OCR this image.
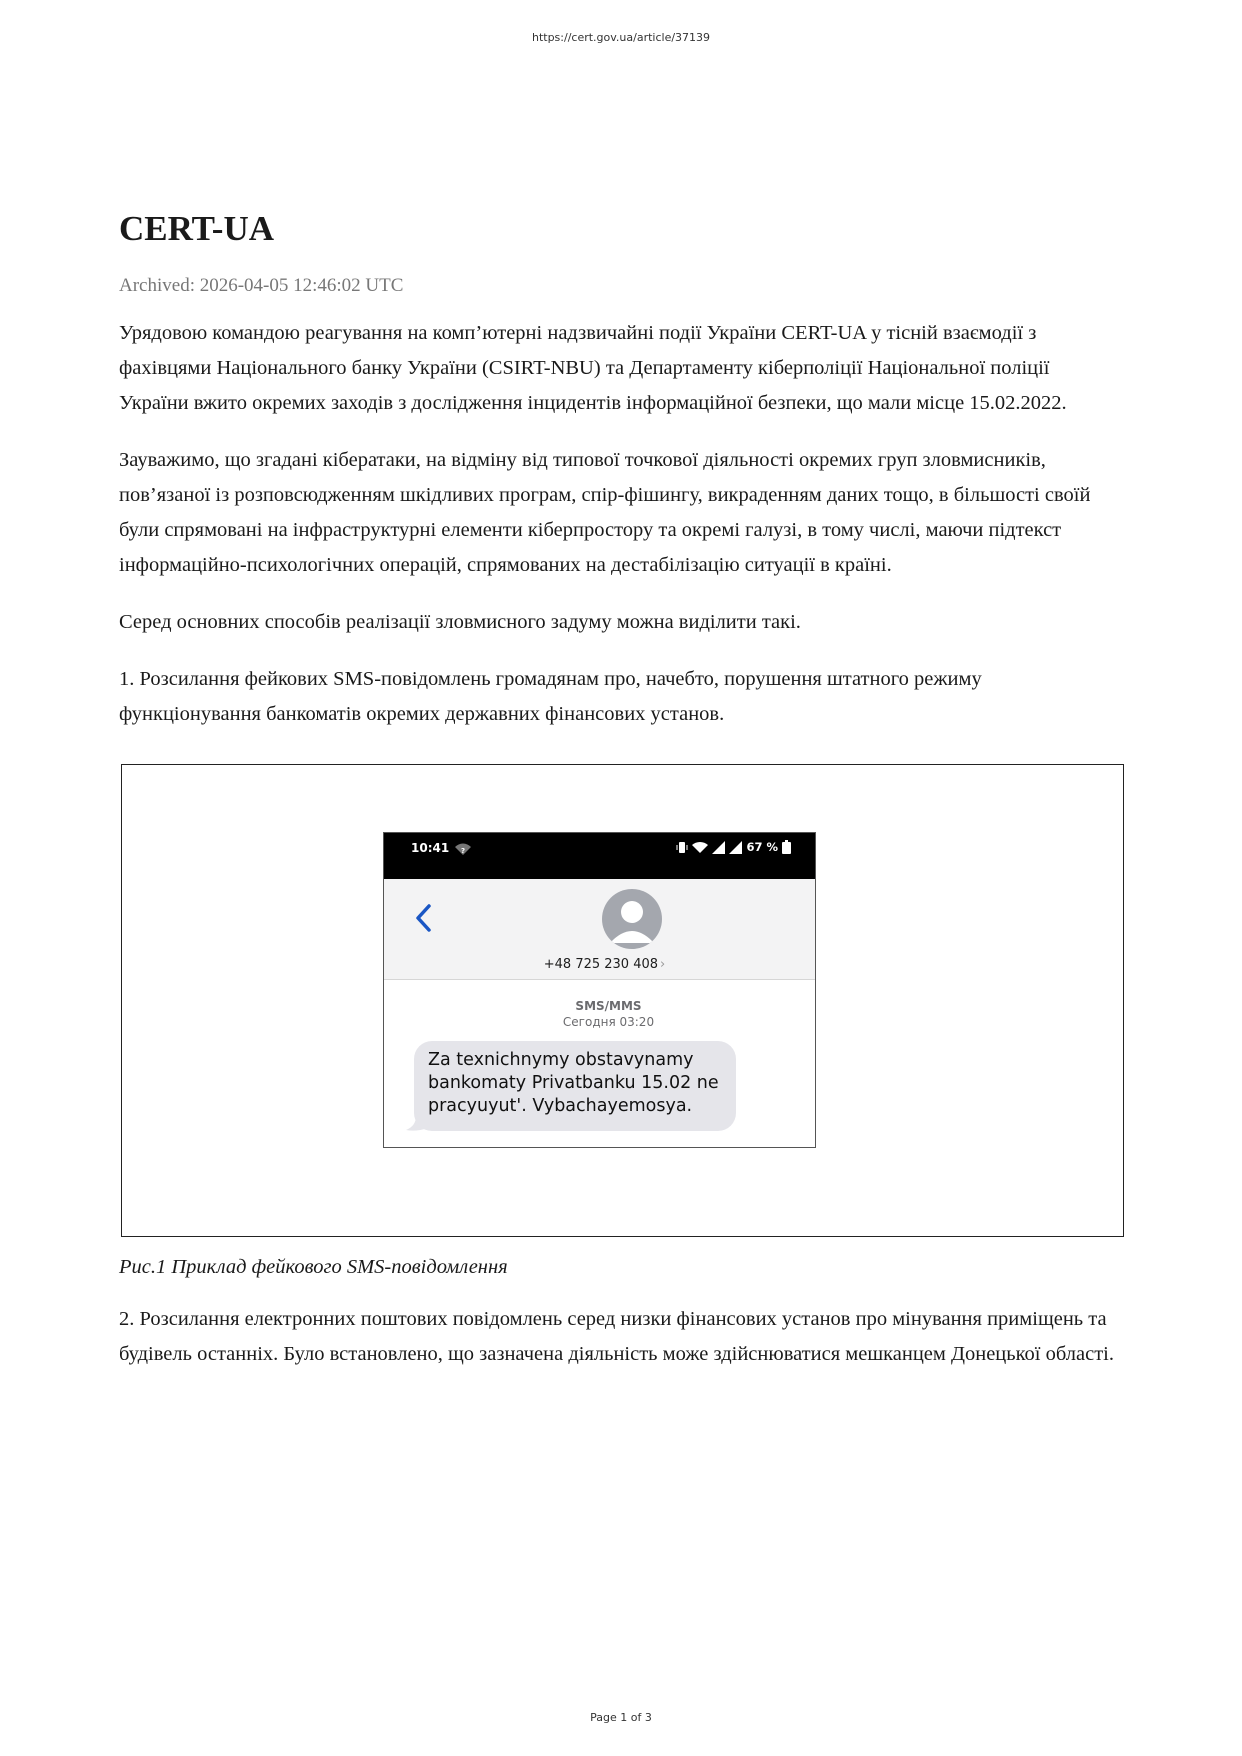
https://cert.gov.ua/article/37139
CERT-UA
Archived: 2026-04-05 12:46:02 UTC

Урядовою командою реагування на комп’ютерні надзвичайні події України CERT-UA у тісній взаємодії з фахівцями Національного банку України (CSIRT-NBU) та Департаменту кіберполіції Національної поліції України вжито окремих заходів з дослідження інцидентів інформаційної безпеки, що мали місце 15.02.2022.

Зауважимо, що згадані кібератаки, на відміну від типової точкової діяльності окремих груп зловмисників, пов’язаної із розповсюдженням шкідливих програм, спір-фішингу, викраденням даних тощо, в більшості своїй були спрямовані на інфраструктурні елементи кіберпростору та окремі галузі, в тому числі, маючи підтекст інформаційно-психологічних операцій, спрямованих на дестабілізацію ситуації в країні.

Серед основних способів реалізації зловмисного задуму можна виділити такі.

1. Розсилання фейкових SMS-повідомлень громадянам про, начебто, порушення штатного режиму функціонування банкоматів окремих державних фінансових установ.

10:41 ?	67 %
+48 725 230 408 ›
SMS/MMS
Сегодня 03:20
Za texnichnymy obstavynamy bankomaty Privatbanku 15.02 ne pracyuyut'. Vybachayemosya.
Рис.1 Приклад фейкового SMS-повідомлення

2. Розсилання електронних поштових повідомлень серед низки фінансових установ про мінування приміщень та будівель останніх. Було встановлено, що зазначена діяльність може здійснюватися мешканцем Донецької області.

Page 1 of 3
